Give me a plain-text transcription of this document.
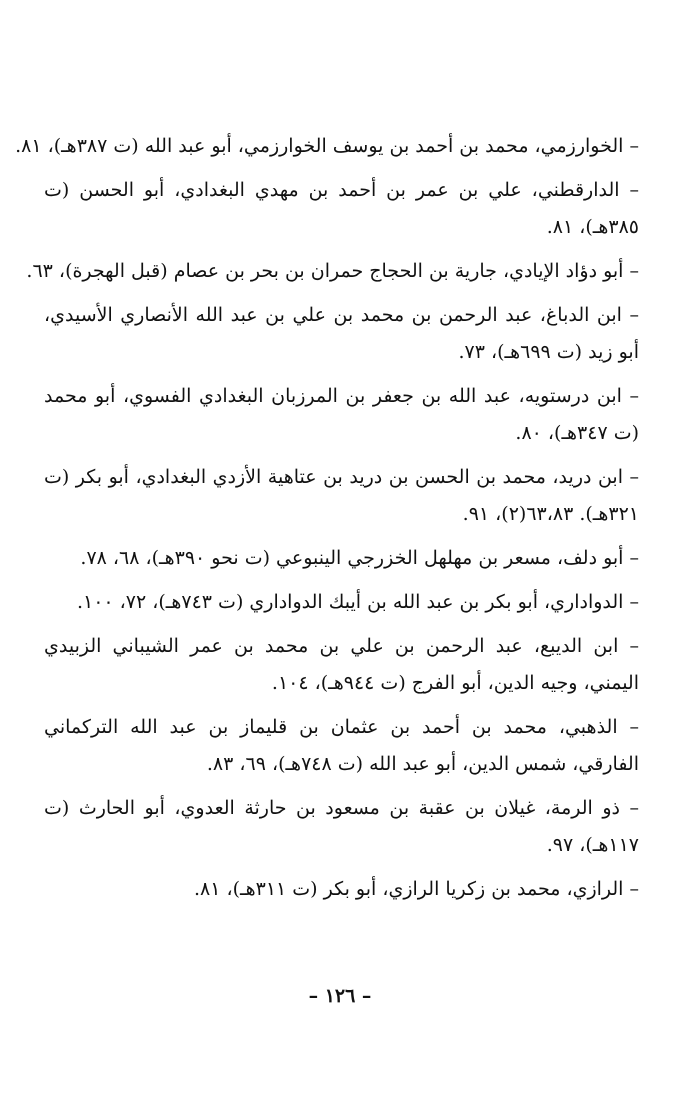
– الخوارزمي، محمد بن أحمد بن يوسف الخوارزمي، أبو عبد الله (ت ٣٨٧هـ)، ٨١.

– الدارقطني، علي بن عمر بن أحمد بن مهدي البغدادي، أبو الحسن (ت ٣٨٥هـ)، ٨١.

– أبو دؤاد الإيادي، جارية بن الحجاج حمران بن بحر بن عصام (قبل الهجرة)، ٦٣.

– ابن الدباغ، عبد الرحمن بن محمد بن علي بن عبد الله الأنصاري الأسيدي، أبو زيد (ت ٦٩٩هـ)، ٧٣.

– ابن درستويه، عبد الله بن جعفر بن المرزبان البغدادي الفسوي، أبو محمد (ت ٣٤٧هـ)، ٨٠.

– ابن دريد، محمد بن الحسن بن دريد بن عتاهية الأزدي البغدادي، أبو بكر (ت ٣٢١هـ). ٦٣،٨٣(٢)، ٩١.

– أبو دلف، مسعر بن مهلهل الخزرجي الينبوعي (ت نحو ٣٩٠هـ)، ٦٨، ٧٨.

– الدواداري، أبو بكر بن عبد الله بن أيبك الدواداري (ت ٧٤٣هـ)، ٧٢، ١٠٠.

– ابن الديبع، عبد الرحمن بن علي بن محمد بن عمر الشيباني الزبيدي اليمني، وجيه الدين، أبو الفرج (ت ٩٤٤هـ)، ١٠٤.

– الذهبي، محمد بن أحمد بن عثمان بن قليماز بن عبد الله التركماني الفارقي، شمس الدين، أبو عبد الله (ت ٧٤٨هـ)، ٦٩، ٨٣.

– ذو الرمة، غيلان بن عقبة بن مسعود بن حارثة العدوي، أبو الحارث (ت ١١٧هـ)، ٩٧.

– الرازي، محمد بن زكريا الرازي، أبو بكر (ت ٣١١هـ)، ٨١.

– ١٢٦ –
